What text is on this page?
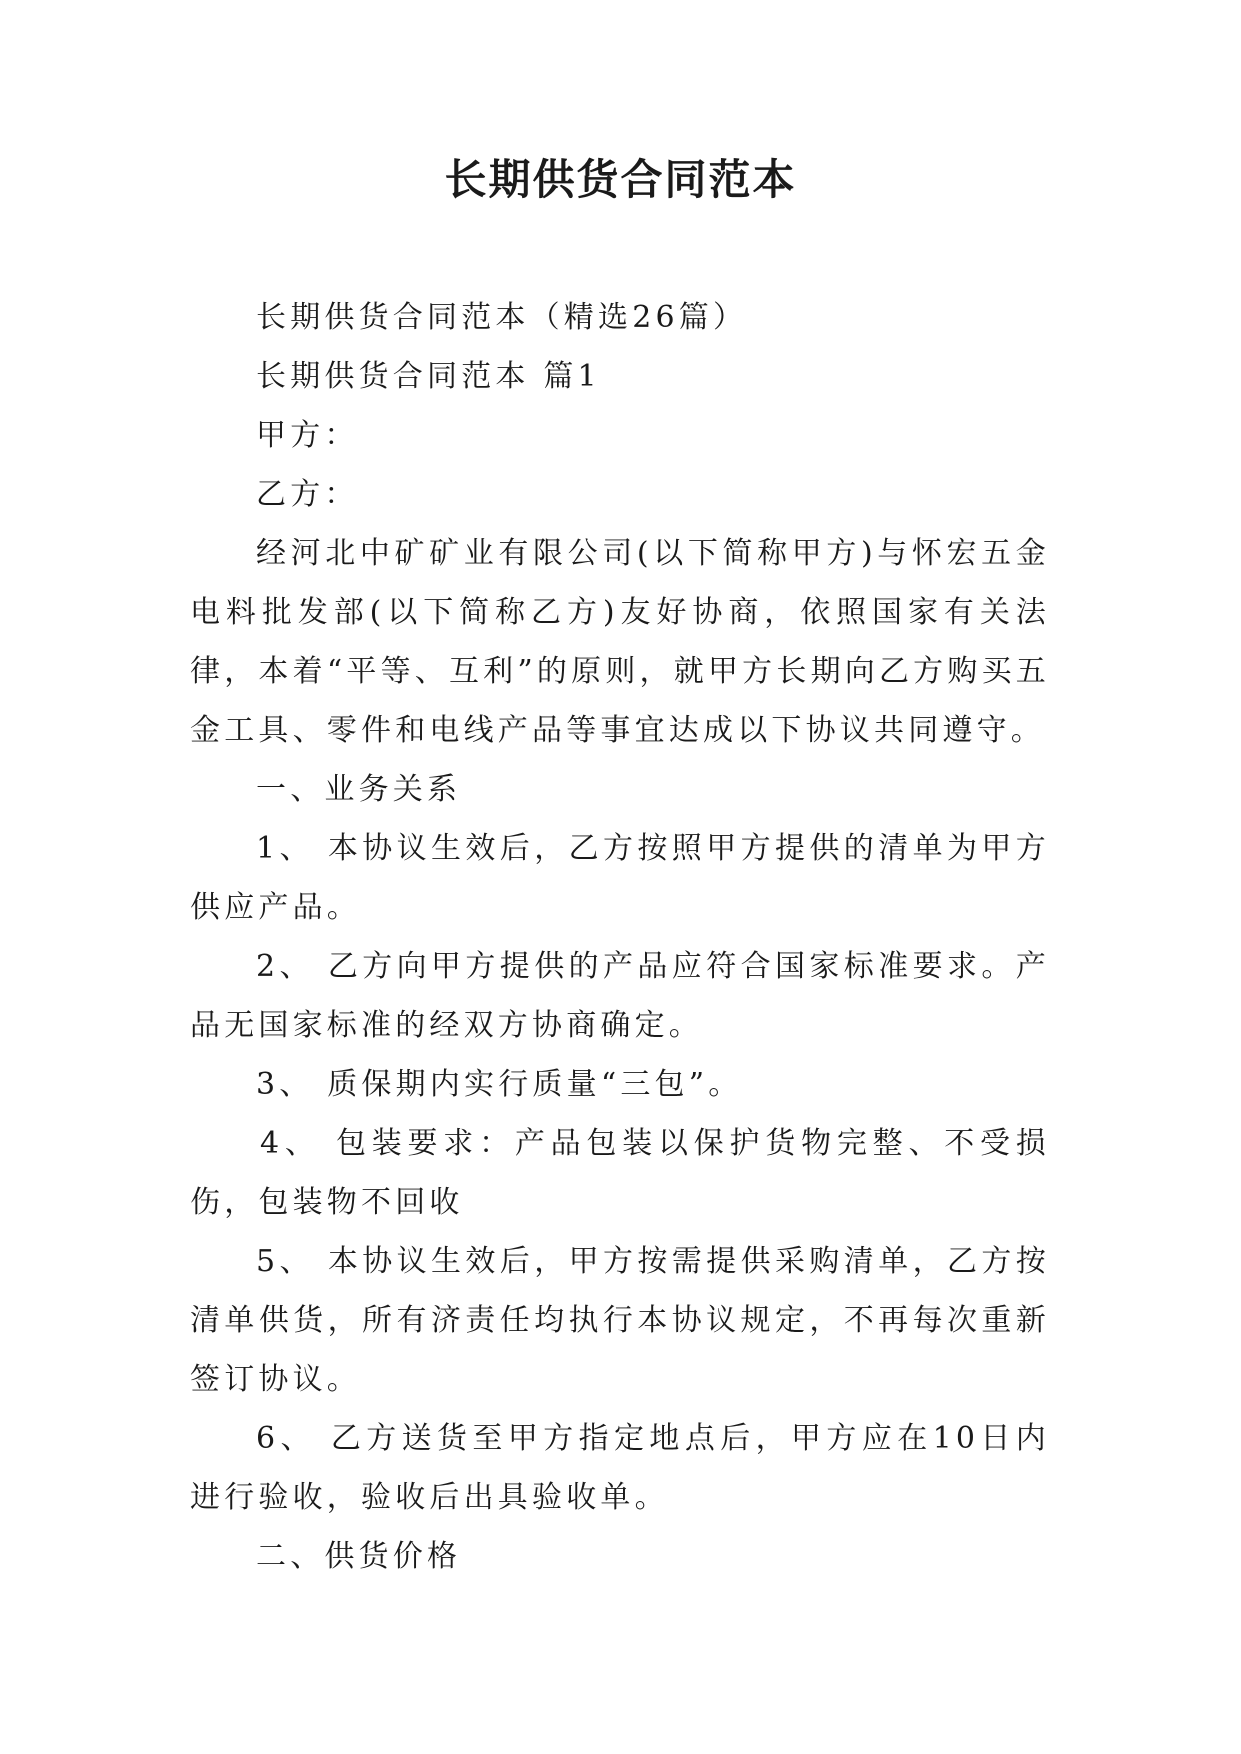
长期供货合同范本

长期供货合同范本（精选26篇）

长期供货合同范本 篇1

甲方：

乙方：

经河北中矿矿业有限公司(以下简称甲方)与怀宏五金电料批发部(以下简称乙方)友好协商，依照国家有关法律，本着“平等、互利”的原则，就甲方长期向乙方购买五金工具、零件和电线产品等事宜达成以下协议共同遵守。

一、业务关系

1、 本协议生效后，乙方按照甲方提供的清单为甲方供应产品。

2、 乙方向甲方提供的产品应符合国家标准要求。产品无国家标准的经双方协商确定。

3、 质保期内实行质量“三包”。

4、 包装要求：产品包装以保护货物完整、不受损伤，包装物不回收

5、 本协议生效后，甲方按需提供采购清单，乙方按清单供货，所有济责任均执行本协议规定，不再每次重新签订协议。

6、 乙方送货至甲方指定地点后，甲方应在10日内进行验收，验收后出具验收单。

二、供货价格
